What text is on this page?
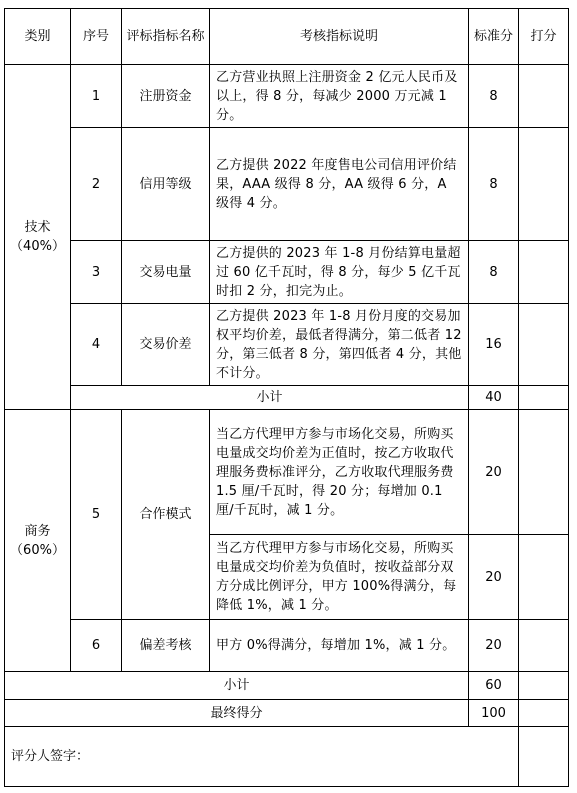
类别	序号	评标指标名称	考核指标说明	标准分	打分
技术（40%）	1	注册资金	乙方营业执照上注册资金 2 亿元人民币及以上，得 8 分，每减少 2000 万元减 1 分。	8	
	2	信用等级	乙方提供 2022 年度售电公司信用评价结果，AAA 级得 8 分，AA 级得 6 分，A 级得 4 分。	8	
	3	交易电量	乙方提供的 2023 年 1-8 月份结算电量超过 60 亿千瓦时，得 8 分，每少 5 亿千瓦时扣 2 分，扣完为止。	8	
	4	交易价差	乙方提供 2023 年 1-8 月份月度的交易加权平均价差，最低者得满分，第二低者 12 分，第三低者 8 分，第四低者 4 分，其他不计分。	16	
	小计			40	
商务（60%）	5	合作模式	当乙方代理甲方参与市场化交易，所购买电量成交均价差为正值时，按乙方收取代理服务费标准评分，乙方收取代理服务费 1.5 厘/千瓦时，得 20 分；每增加 0.1 厘/千瓦时，减 1 分。	20	
			当乙方代理甲方参与市场化交易，所购买电量成交均价差为负值时，按收益部分双方分成比例评分，甲方 100%得满分，每降低 1%，减 1 分。	20	
	6	偏差考核	甲方 0%得满分，每增加 1%，减 1 分。	20	
小计				60	
最终得分				100	
评分人签字：					
